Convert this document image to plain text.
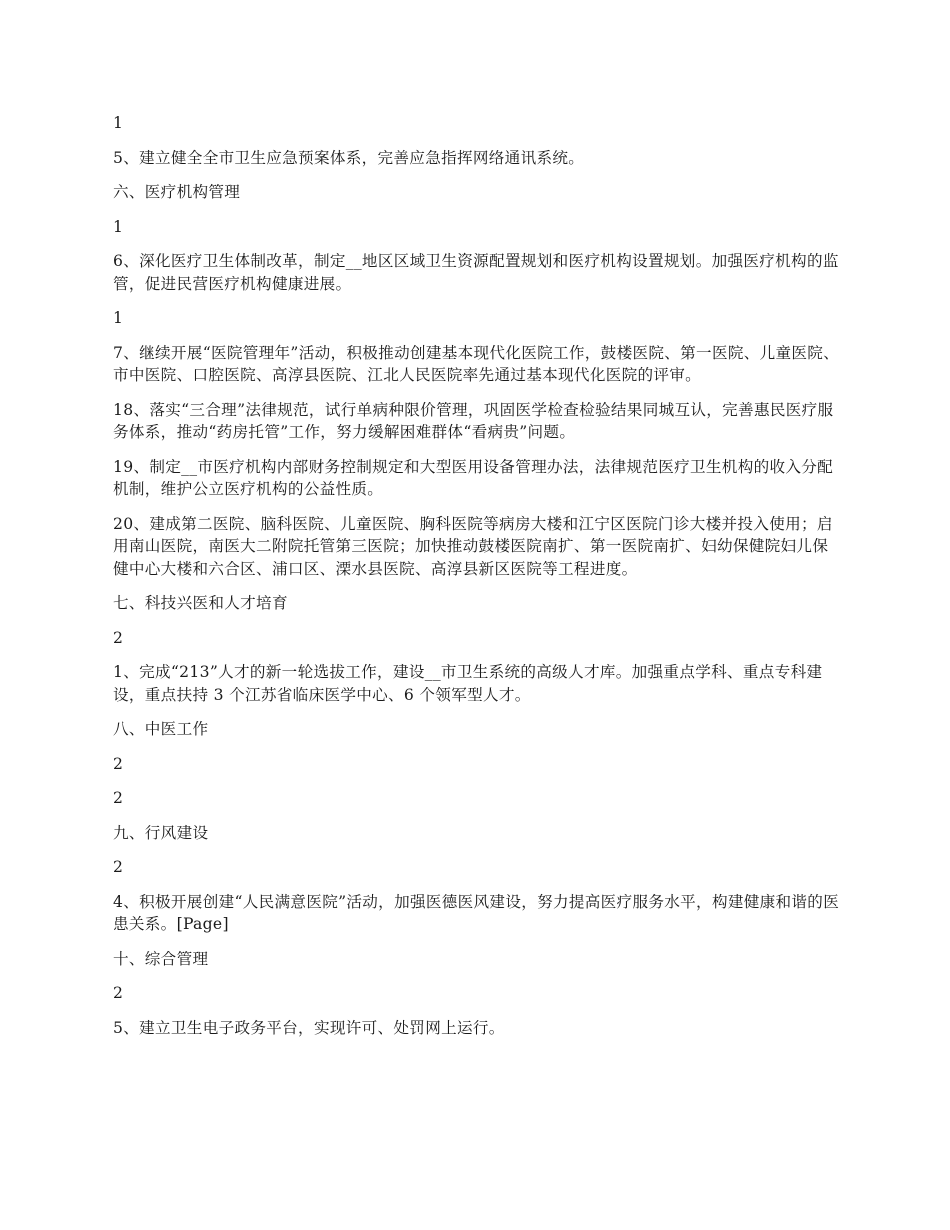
1

5、建立健全全市卫生应急预案体系，完善应急指挥网络通讯系统。

六、医疗机构管理

1

6、深化医疗卫生体制改革，制定__地区区域卫生资源配置规划和医疗机构设置规划。加强医疗机构的监管，促进民营医疗机构健康进展。

1

7、继续开展“医院管理年”活动，积极推动创建基本现代化医院工作，鼓楼医院、第一医院、儿童医院、市中医院、口腔医院、高淳县医院、江北人民医院率先通过基本现代化医院的评审。

18、落实“三合理”法律规范，试行单病种限价管理，巩固医学检查检验结果同城互认，完善惠民医疗服务体系，推动“药房托管”工作，努力缓解困难群体“看病贵”问题。

19、制定__市医疗机构内部财务控制规定和大型医用设备管理办法，法律规范医疗卫生机构的收入分配机制，维护公立医疗机构的公益性质。

20、建成第二医院、脑科医院、儿童医院、胸科医院等病房大楼和江宁区医院门诊大楼并投入使用；启用南山医院，南医大二附院托管第三医院；加快推动鼓楼医院南扩、第一医院南扩、妇幼保健院妇儿保健中心大楼和六合区、浦口区、溧水县医院、高淳县新区医院等工程进度。

七、科技兴医和人才培育

2

1、完成“213”人才的新一轮选拔工作，建设__市卫生系统的高级人才库。加强重点学科、重点专科建设，重点扶持 3 个江苏省临床医学中心、6 个领军型人才。

八、中医工作

2

2

九、行风建设

2

4、积极开展创建“人民满意医院”活动，加强医德医风建设，努力提高医疗服务水平，构建健康和谐的医患关系。[Page]

十、综合管理

2

5、建立卫生电子政务平台，实现许可、处罚网上运行。
